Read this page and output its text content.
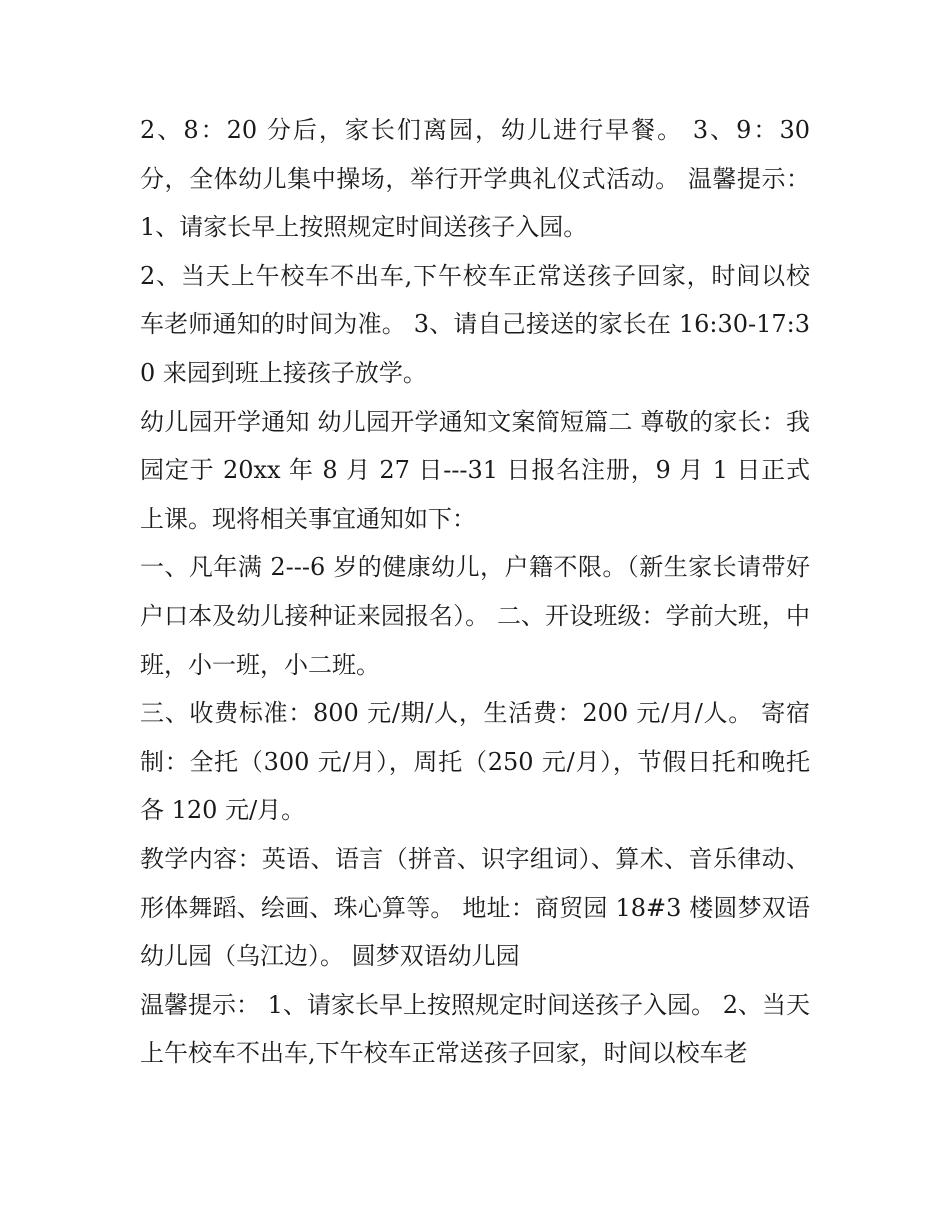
2、8：20 分后，家长们离园，幼儿进行早餐。 3、9：30 分，全体幼儿集中操场，举行开学典礼仪式活动。 温馨提示： 1、请家长早上按照规定时间送孩子入园。

2、当天上午校车不出车,下午校车正常送孩子回家，时间以校车老师通知的时间为准。 3、请自己接送的家长在 16:30-17:30 来园到班上接孩子放学。

幼儿园开学通知 幼儿园开学通知文案简短篇二 尊敬的家长：我园定于 20xx 年 8 月 27 日---31 日报名注册，9 月 1 日正式上课。现将相关事宜通知如下：

一、凡年满 2---6 岁的健康幼儿，户籍不限。（新生家长请带好户口本及幼儿接种证来园报名）。 二、开设班级：学前大班，中班，小一班，小二班。

三、收费标准：800 元/期/人，生活费：200 元/月/人。 寄宿制：全托（300 元/月），周托（250 元/月），节假日托和晚托 各 120 元/月。

教学内容：英语、语言（拼音、识字组词）、算术、音乐律动、形体舞蹈、绘画、珠心算等。 地址：商贸园 18#3 楼圆梦双语幼儿园（乌江边）。 圆梦双语幼儿园

温馨提示： 1、请家长早上按照规定时间送孩子入园。 2、当天上午校车不出车,下午校车正常送孩子回家，时间以校车老
